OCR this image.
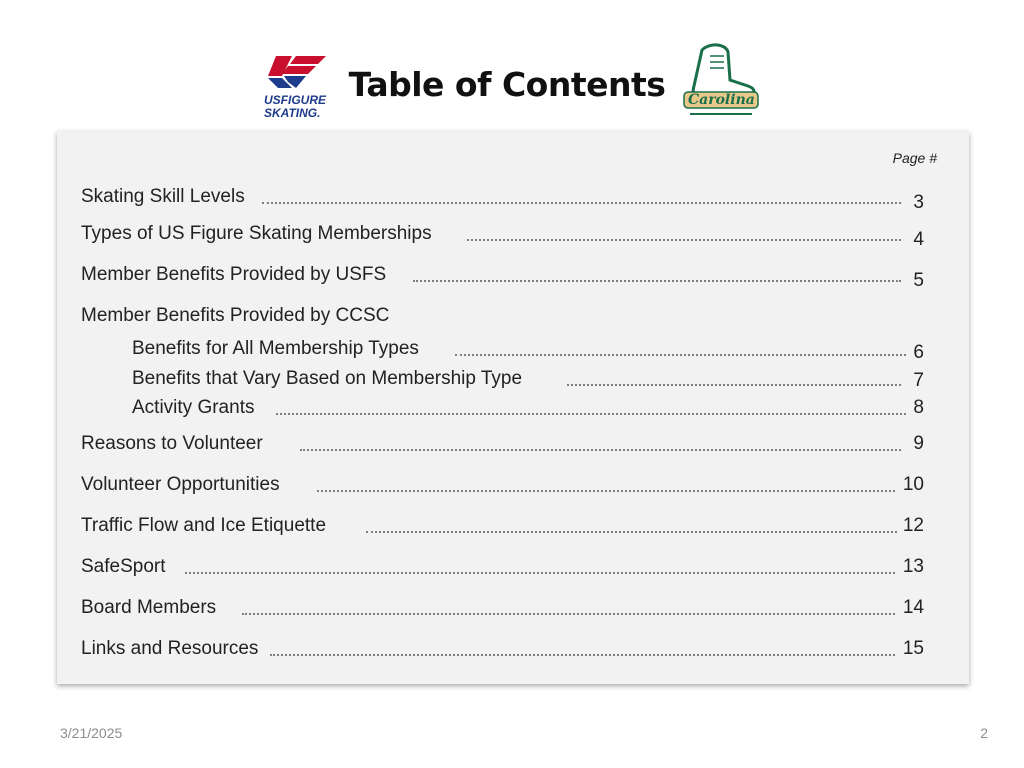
Table of Contents
USFIGURE
SKATING.
Carolina
Page #
Skating Skill Levels	3
Types of US Figure Skating Memberships	4
Member Benefits Provided by USFS	5
Member Benefits Provided by CCSC
Benefits for All Membership Types	6
Benefits that Vary Based on Membership Type	7
Activity Grants	8
Reasons to Volunteer	9
Volunteer Opportunities	10
Traffic Flow and Ice Etiquette	12
SafeSport	13
Board Members	14
Links and Resources	15
3/21/2025	2
